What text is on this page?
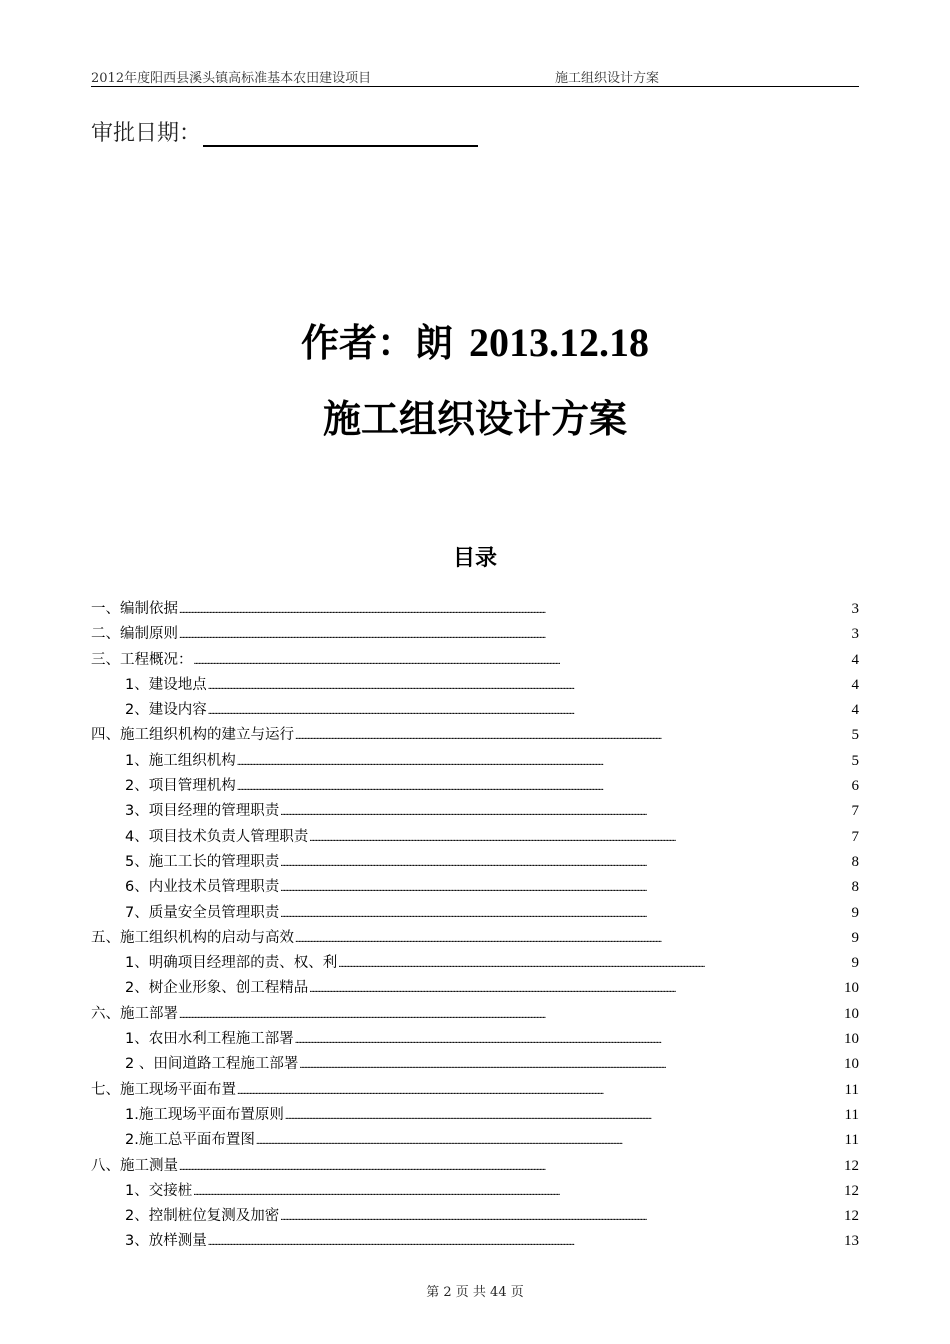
2012年度阳西县溪头镇高标准基本农田建设项目	施工组织设计方案
审批日期：
作者：朗 2013.12.18
施工组织设计方案
目录
一、编制依据 . . .	3
二、编制原则 . . .	3
三、工程概况： . . .	4
1、建设地点 . . .	4
2、建设内容 . . .	4
四、施工组织机构的建立与运行 . . .	5
1、施工组织机构 . . .	5
2、项目管理机构 . . .	6
3、项目经理的管理职责 . . .	7
4、项目技术负责人管理职责 . . .	7
5、施工工长的管理职责 . . .	8
6、内业技术员管理职责 . . .	8
7、质量安全员管理职责 . . .	9
五、施工组织机构的启动与高效 . . .	9
1、明确项目经理部的责、权、利 . . .	9
2、树企业形象、创工程精品 . . .	10
六、施工部署 . . .	10
1、农田水利工程施工部署 . . .	10
2 、田间道路工程施工部署 . . .	10
七、施工现场平面布置 . . .	11
1.施工现场平面布置原则 . . .	11
2.施工总平面布置图 . . .	11
八、施工测量 . . .	12
1、交接桩 . . .	12
2、控制桩位复测及加密 . . .	12
3、放样测量 . . .	13
第 2 页 共 44 页
